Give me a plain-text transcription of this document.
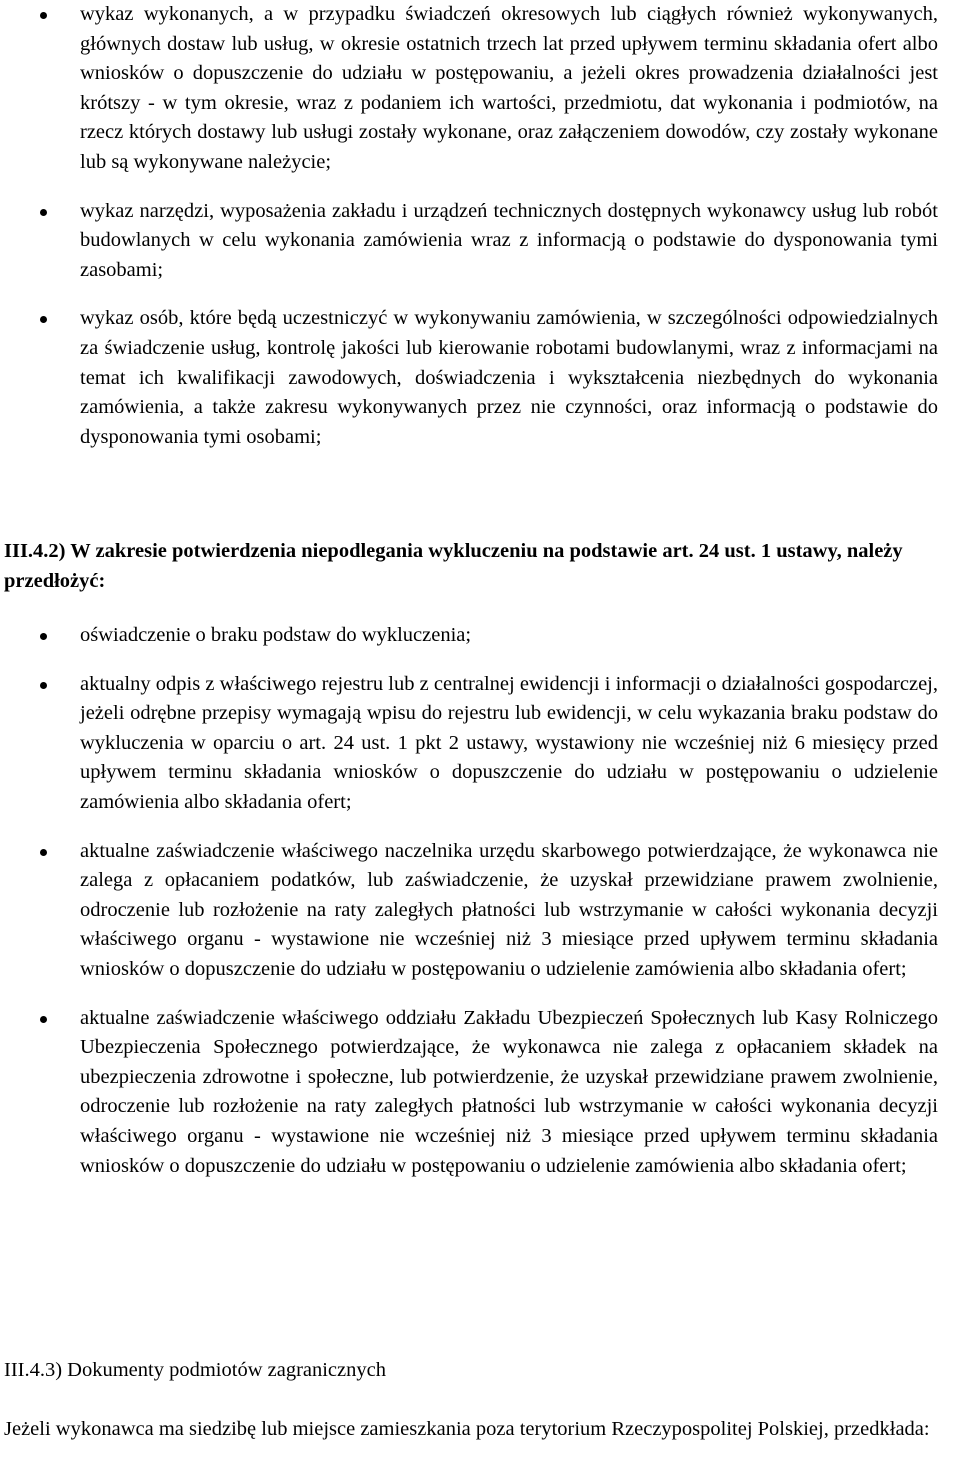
wykaz wykonanych, a w przypadku świadczeń okresowych lub ciągłych również wykonywanych, głównych dostaw lub usług, w okresie ostatnich trzech lat przed upływem terminu składania ofert albo wniosków o dopuszczenie do udziału w postępowaniu, a jeżeli okres prowadzenia działalności jest krótszy - w tym okresie, wraz z podaniem ich wartości, przedmiotu, dat wykonania i podmiotów, na rzecz których dostawy lub usługi zostały wykonane, oraz załączeniem dowodów, czy zostały wykonane lub są wykonywane należycie;
wykaz narzędzi, wyposażenia zakładu i urządzeń technicznych dostępnych wykonawcy usług lub robót budowlanych w celu wykonania zamówienia wraz z informacją o podstawie do dysponowania tymi zasobami;
wykaz osób, które będą uczestniczyć w wykonywaniu zamówienia, w szczególności odpowiedzialnych za świadczenie usług, kontrolę jakości lub kierowanie robotami budowlanymi, wraz z informacjami na temat ich kwalifikacji zawodowych, doświadczenia i wykształcenia niezbędnych do wykonania zamówienia, a także zakresu wykonywanych przez nie czynności, oraz informacją o podstawie do dysponowania tymi osobami;
III.4.2) W zakresie potwierdzenia niepodlegania wykluczeniu na podstawie art. 24 ust. 1 ustawy, należy przedłożyć:
oświadczenie o braku podstaw do wykluczenia;
aktualny odpis z właściwego rejestru lub z centralnej ewidencji i informacji o działalności gospodarczej, jeżeli odrębne przepisy wymagają wpisu do rejestru lub ewidencji, w celu wykazania braku podstaw do wykluczenia w oparciu o art. 24 ust. 1 pkt 2 ustawy, wystawiony nie wcześniej niż 6 miesięcy przed upływem terminu składania wniosków o dopuszczenie do udziału w postępowaniu o udzielenie zamówienia albo składania ofert;
aktualne zaświadczenie właściwego naczelnika urzędu skarbowego potwierdzające, że wykonawca nie zalega z opłacaniem podatków, lub zaświadczenie, że uzyskał przewidziane prawem zwolnienie, odroczenie lub rozłożenie na raty zaległych płatności lub wstrzymanie w całości wykonania decyzji właściwego organu - wystawione nie wcześniej niż 3 miesiące przed upływem terminu składania wniosków o dopuszczenie do udziału w postępowaniu o udzielenie zamówienia albo składania ofert;
aktualne zaświadczenie właściwego oddziału Zakładu Ubezpieczeń Społecznych lub Kasy Rolniczego Ubezpieczenia Społecznego potwierdzające, że wykonawca nie zalega z opłacaniem składek na ubezpieczenia zdrowotne i społeczne, lub potwierdzenie, że uzyskał przewidziane prawem zwolnienie, odroczenie lub rozłożenie na raty zaległych płatności lub wstrzymanie w całości wykonania decyzji właściwego organu - wystawione nie wcześniej niż 3 miesiące przed upływem terminu składania wniosków o dopuszczenie do udziału w postępowaniu o udzielenie zamówienia albo składania ofert;
III.4.3) Dokumenty podmiotów zagranicznych
Jeżeli wykonawca ma siedzibę lub miejsce zamieszkania poza terytorium Rzeczypospolitej Polskiej, przedkłada:
